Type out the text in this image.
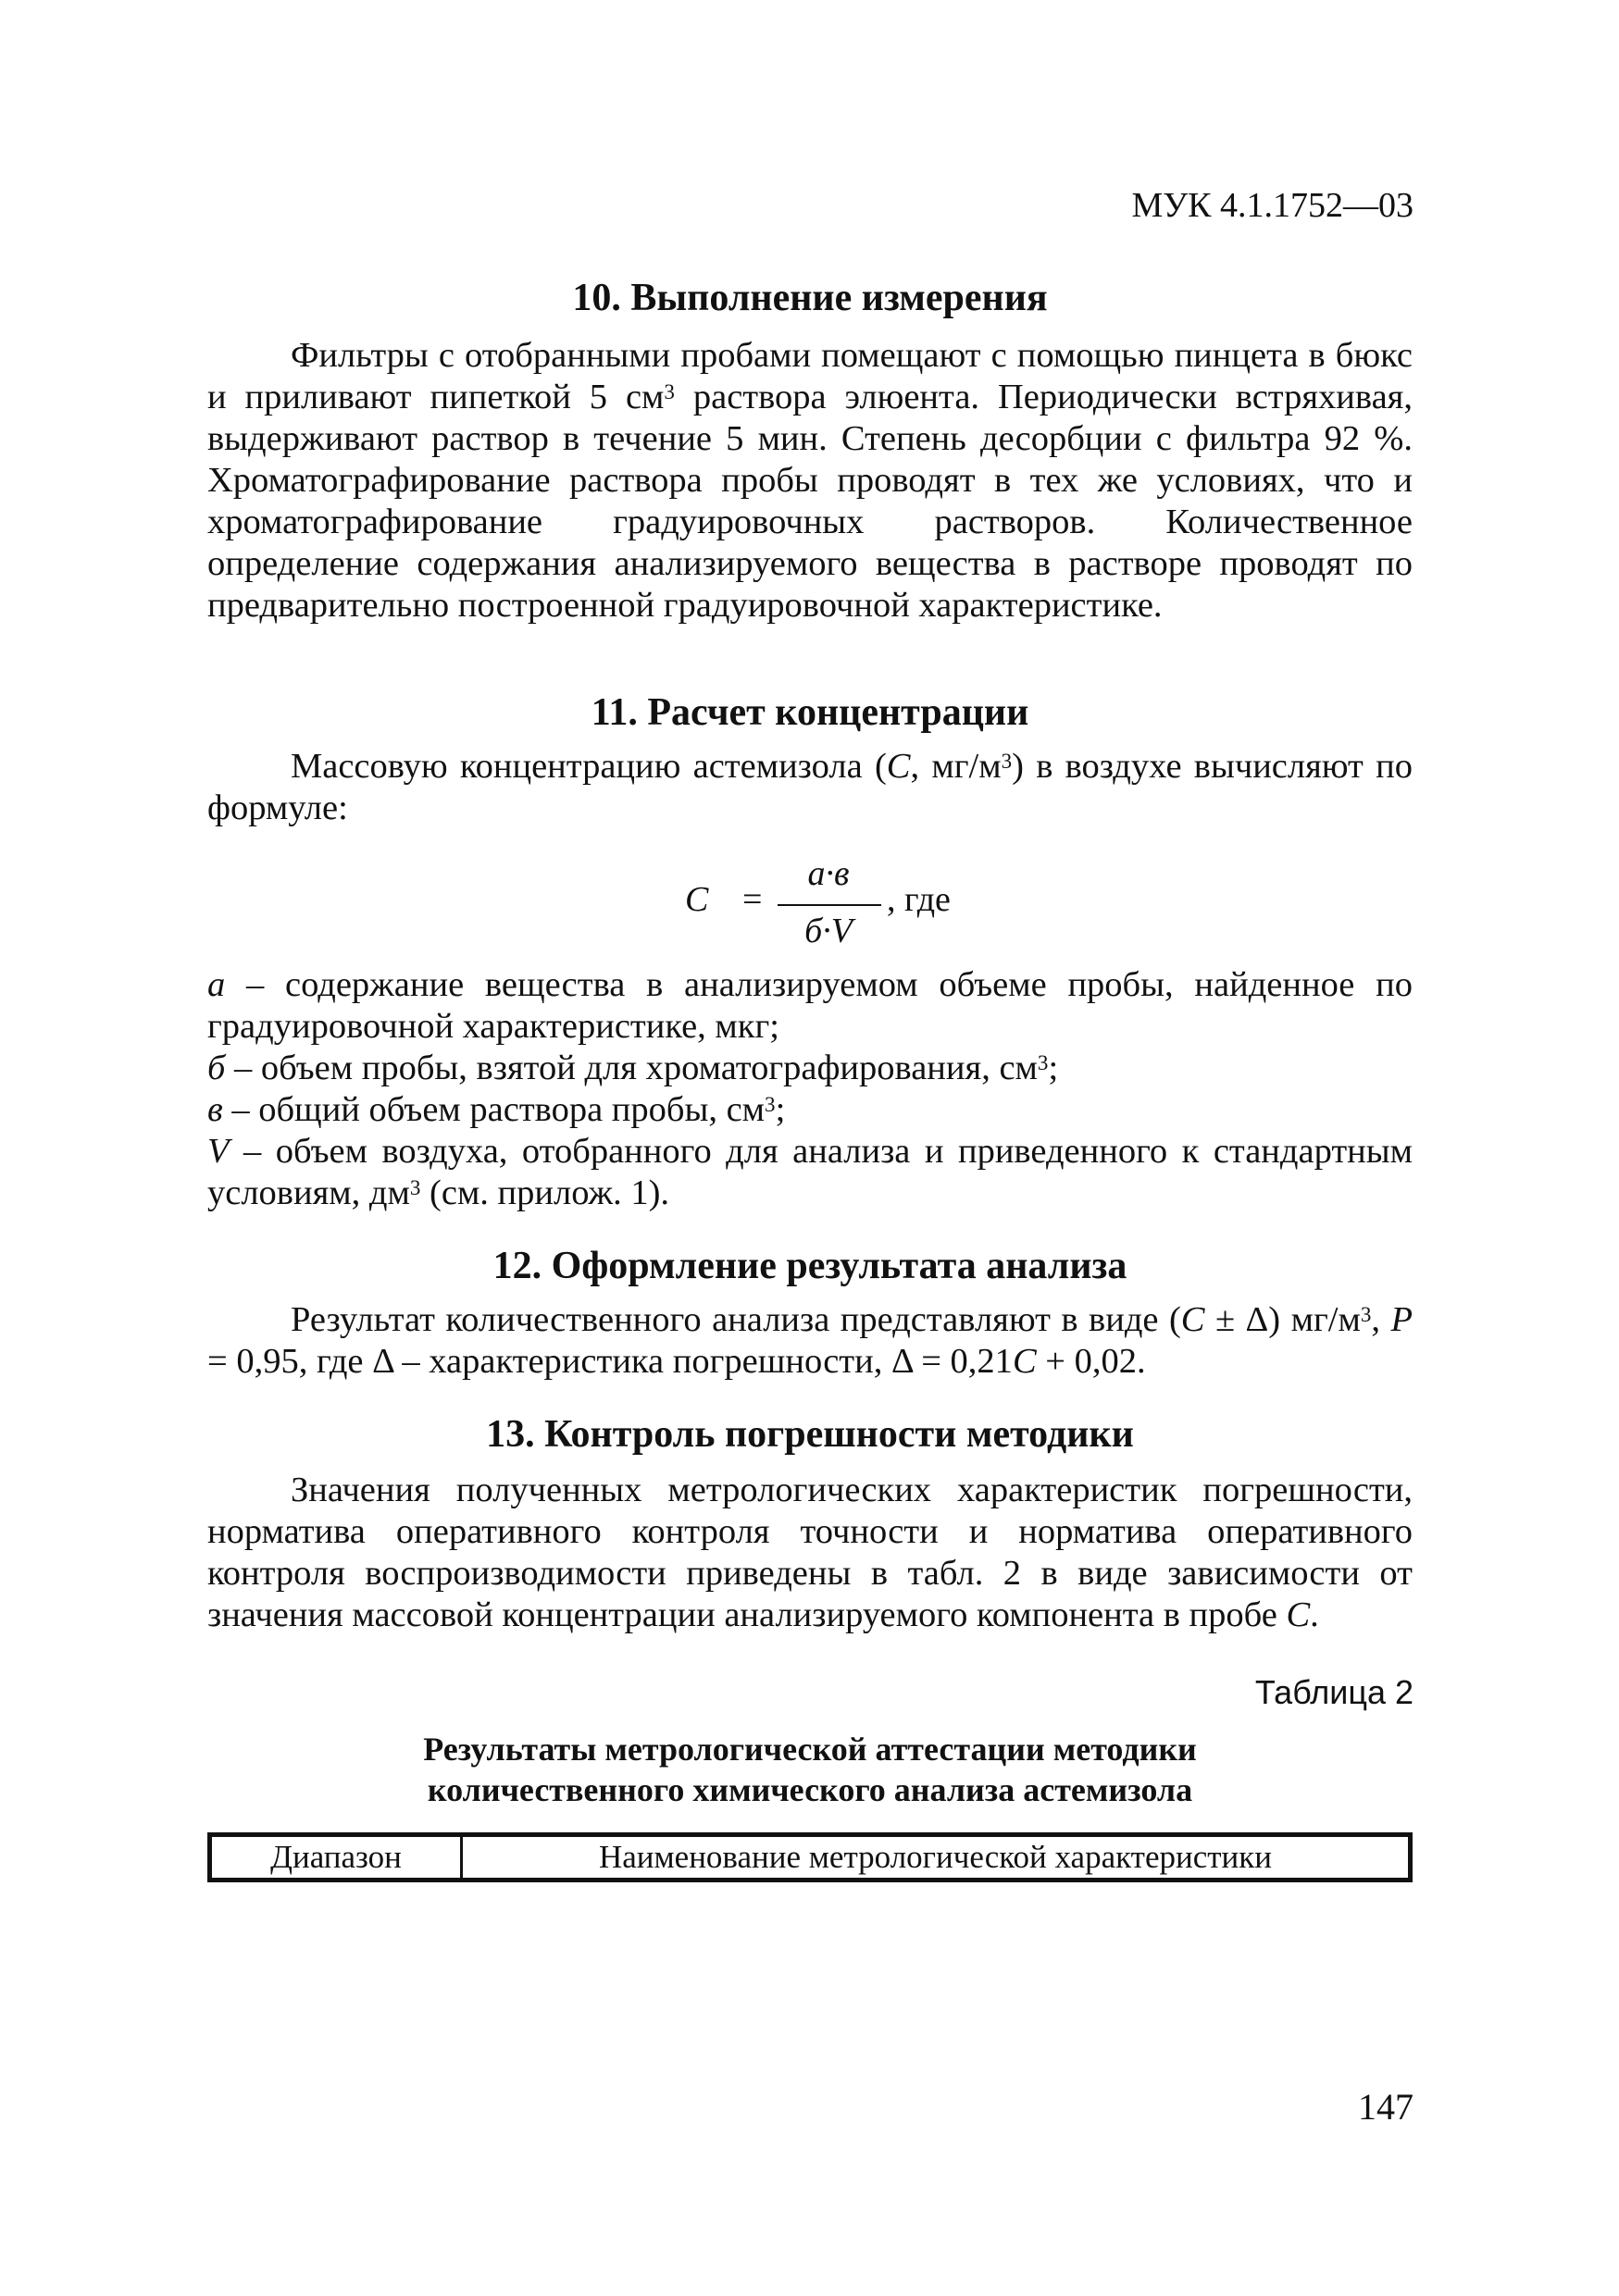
МУК 4.1.1752—03
10. Выполнение измерения
Фильтры с отобранными пробами помещают с помощью пинцета в бюкс и приливают пипеткой 5 $см^3$ раствора элюента. Периодически встряхивая, выдерживают раствор в течение 5 мин. Степень десорбции с фильтра 92 %. Хроматографирование раствора пробы проводят в тех же условиях, что и хроматографирование градуировочных растворов. Количественное определение содержания анализируемого вещества в растворе проводят по предварительно построенной градуировочной характеристике.
11. Расчет концентрации
Массовую концентрацию астемизола (С, $мг/м^3$) в воздухе вычисляют по формуле:
С =
а·в
б·V
, где
а – содержание вещества в анализируемом объеме пробы, найденное по градуировочной характеристике, мкг;
б – объем пробы, взятой для хроматографирования, $см^3$;
в – общий объем раствора пробы, $см^3$;
V – объем воздуха, отобранного для анализа и приведенного к стандартным условиям, $дм^3$ (см. прилож. 1).
12. Оформление результата анализа
Результат количественного анализа представляют в виде (С ± Δ) $мг/м^3$, Р = 0,95, где Δ – характеристика погрешности, Δ = 0,21С + 0,02.
13. Контроль погрешности методики
Значения полученных метрологических характеристик погрешности, норматива оперативного контроля точности и норматива оперативного контроля воспроизводимости приведены в табл. 2 в виде зависимости от значения массовой концентрации анализируемого компонента в пробе С.
Таблица 2
Результаты метрологической аттестации методики
количественного химического анализа астемизола
Диапазон	Наименование метрологической характеристики
147
